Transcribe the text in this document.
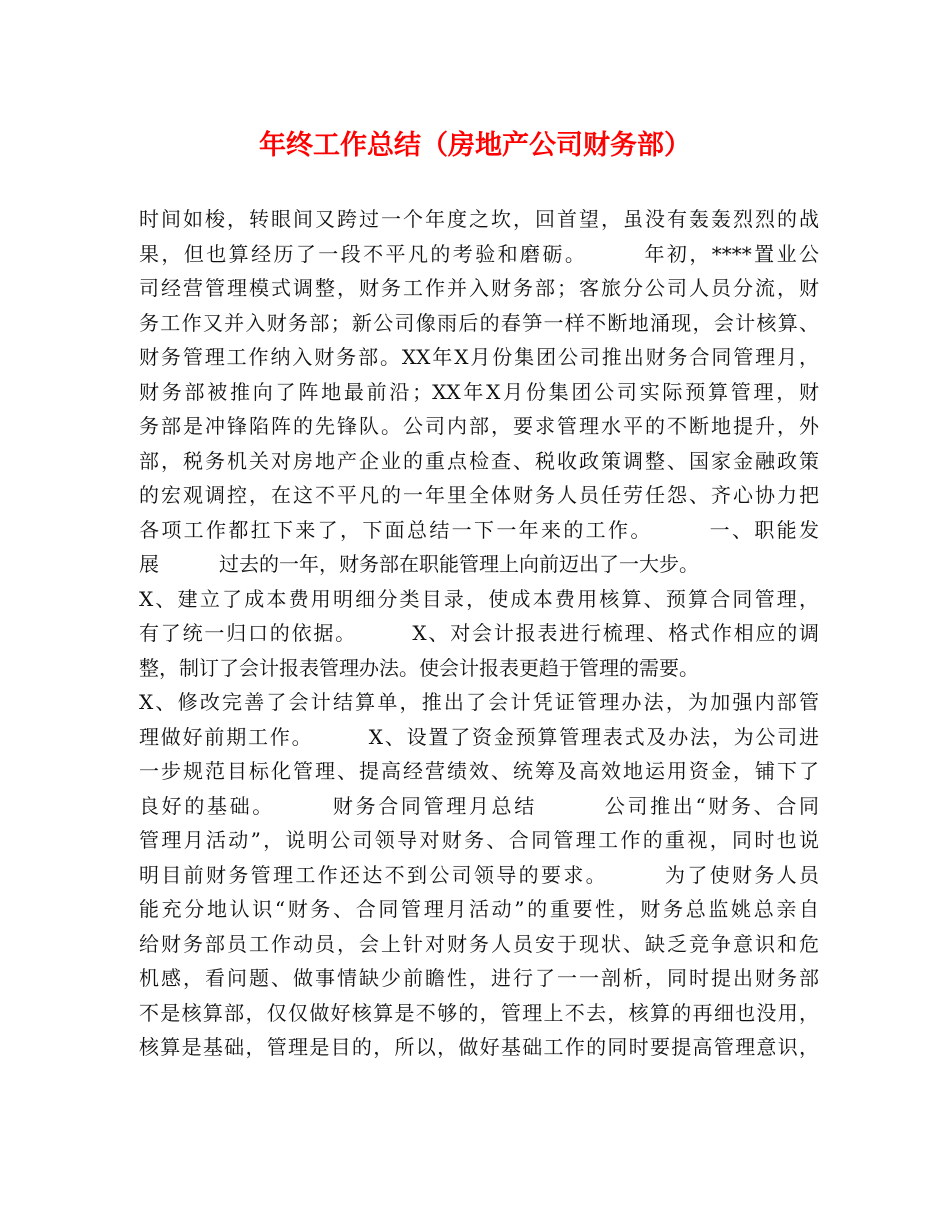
年终工作总结（房地产公司财务部）
时间如梭，转眼间又跨过一个年度之坎，回首望，虽没有轰轰烈烈的战
果，但也算经历了一段不平凡的考验和磨砺。　　　年初，****置业公
司经营管理模式调整，财务工作并入财务部；客旅分公司人员分流，财
务工作又并入财务部；新公司像雨后的春笋一样不断地涌现，会计核算、
财务管理工作纳入财务部。XX年X月份集团公司推出财务合同管理月，
财务部被推向了阵地最前沿；XX年X月份集团公司实际预算管理，财
务部是冲锋陷阵的先锋队。公司内部，要求管理水平的不断地提升，外
部，税务机关对房地产企业的重点检查、税收政策调整、国家金融政策
的宏观调控，在这不平凡的一年里全体财务人员任劳任怨、齐心协力把
各项工作都扛下来了，下面总结一下一年来的工作。　　　一、职能发
展　　　过去的一年，财务部在职能管理上向前迈出了一大步。
X、建立了成本费用明细分类目录，使成本费用核算、预算合同管理，
有了统一归口的依据。　　　X、对会计报表进行梳理、格式作相应的调
整，制订了会计报表管理办法。使会计报表更趋于管理的需要。
X、修改完善了会计结算单，推出了会计凭证管理办法，为加强内部管
理做好前期工作。　　　X、设置了资金预算管理表式及办法，为公司进
一步规范目标化管理、提高经营绩效、统筹及高效地运用资金，铺下了
良好的基础。　　　财务合同管理月总结　　　公司推出“财务、合同
管理月活动”，说明公司领导对财务、合同管理工作的重视，同时也说
明目前财务管理工作还达不到公司领导的要求。　　　为了使财务人员
能充分地认识“财务、合同管理月活动”的重要性，财务总监姚总亲自
给财务部员工作动员，会上针对财务人员安于现状、缺乏竞争意识和危
机感，看问题、做事情缺少前瞻性，进行了一一剖析，同时提出财务部
不是核算部，仅仅做好核算是不够的，管理上不去，核算的再细也没用，
核算是基础，管理是目的，所以，做好基础工作的同时要提高管理意识，
